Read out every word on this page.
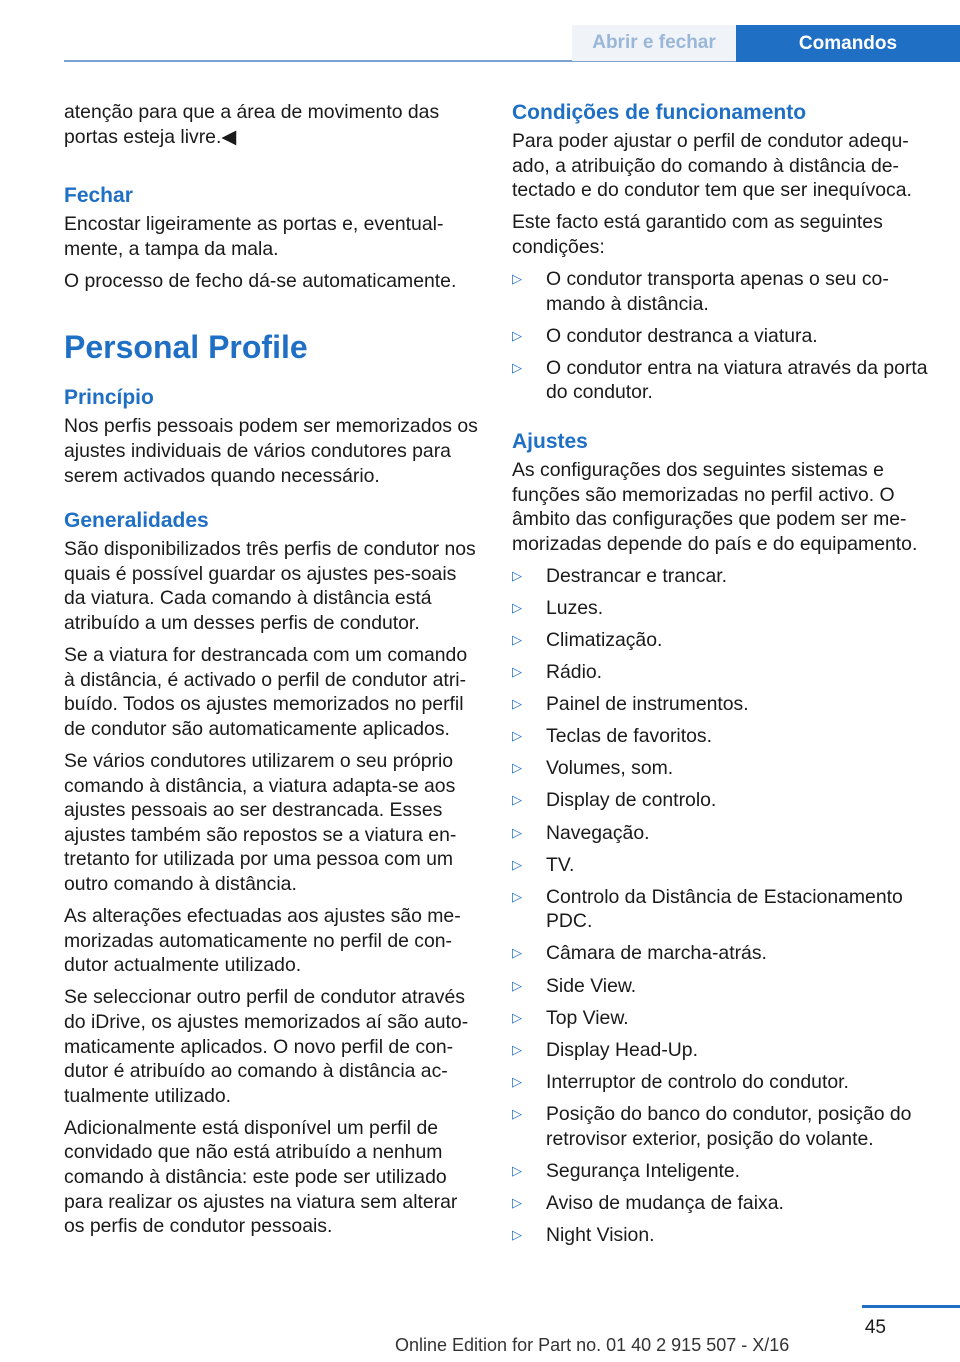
Abrir e fechar	Comandos

atenção para que a área de movimento das portas esteja livre.◀

Fechar

Encostar ligeiramente as portas e, eventual‐mente, a tampa da mala.

O processo de fecho dá-se automaticamente.

Personal Profile
Princípio

Nos perfis pessoais podem ser memorizados os ajustes individuais de vários condutores para serem activados quando necessário.

Generalidades

São disponibilizados três perfis de condutor nos quais é possível guardar os ajustes pes‐soais da viatura. Cada comando à distância está atribuído a um desses perfis de condutor.

Se a viatura for destrancada com um comando à distância, é activado o perfil de condutor atri‐buído. Todos os ajustes memorizados no perfil de condutor são automaticamente aplicados.

Se vários condutores utilizarem o seu próprio comando à distância, a viatura adapta-se aos ajustes pessoais ao ser destrancada. Esses ajustes também são repostos se a viatura en‐tretanto for utilizada por uma pessoa com um outro comando à distância.

As alterações efectuadas aos ajustes são me‐morizadas automaticamente no perfil de con‐dutor actualmente utilizado.

Se seleccionar outro perfil de condutor através do iDrive, os ajustes memorizados aí são auto‐maticamente aplicados. O novo perfil de con‐dutor é atribuído ao comando à distância ac‐tualmente utilizado.

Adicionalmente está disponível um perfil de convidado que não está atribuído a nenhum comando à distância: este pode ser utilizado para realizar os ajustes na viatura sem alterar os perfis de condutor pessoais.

Condições de funcionamento

Para poder ajustar o perfil de condutor adequ‐ado, a atribuição do comando à distância de‐tectado e do condutor tem que ser inequívoca.

Este facto está garantido com as seguintes condições:

▷ O condutor transporta apenas o seu co‐mando à distância.
▷ O condutor destranca a viatura.
▷ O condutor entra na viatura através da porta do condutor.
Ajustes

As configurações dos seguintes sistemas e funções são memorizadas no perfil activo. O âmbito das configurações que podem ser me‐morizadas depende do país e do equipamento.

▷ Destrancar e trancar.
▷ Luzes.
▷ Climatização.
▷ Rádio.
▷ Painel de instrumentos.
▷ Teclas de favoritos.
▷ Volumes, som.
▷ Display de controlo.
▷ Navegação.
▷ TV.
▷ Controlo da Distância de Estacionamento PDC.
▷ Câmara de marcha-atrás.
▷ Side View.
▷ Top View.
▷ Display Head-Up.
▷ Interruptor de controlo do condutor.
▷ Posição do banco do condutor, posição do retrovisor exterior, posição do volante.
▷ Segurança Inteligente.
▷ Aviso de mudança de faixa.
▷ Night Vision.
45
Online Edition for Part no. 01 40 2 915 507 - X/16
